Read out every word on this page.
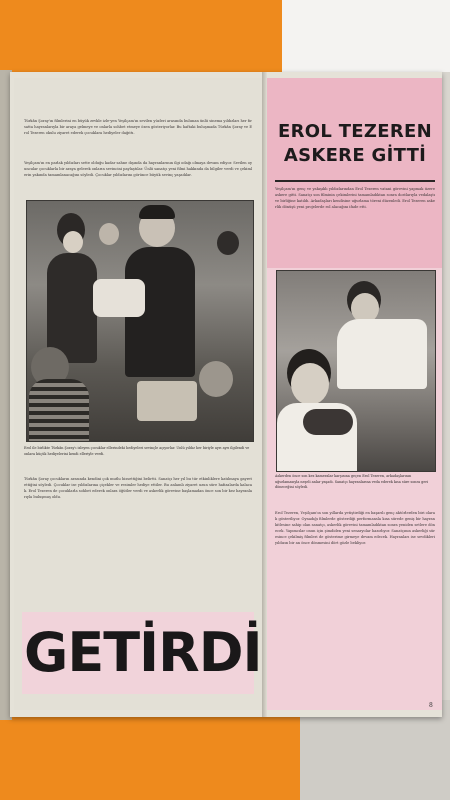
Türkân Şoray'ın filmlerini en büyük zevkle izle-yen Yeşilçam'ın sevilen yüzleri arasında bulunan ünlü sinema yıldızları her fırsatta hayranlarıyla bir araya gelmeye ve onlarla sohbet etmeye özen gösteriyorlar. Bu haftaki buluşmada Türkân Şoray ve Erol Tezeren okulu ziyaret ederek çocuklara hediyeler dağıttı.
Yeşilçam'ın en parlak yıldızları sette olduğu kadar sahne dışında da hayranlarının ilgi odağı olmaya devam ediyor. Sevilen oyuncular çocuklarla bir araya gelerek onların sevincini paylaştılar. Ünlü sanatçı yeni filmi hakkında da bilgiler verdi ve çekimlerin yakında tamamlanacağını söyledi. Çocuklar yıldızlarını görünce büyük sevinç yaşadılar.
Erol ile birlikte Türkân Şoray'ı izleyen çocuklar ellerindeki hediyeleri sevinçle açıyorlar. Ünlü yıldız her biriyle ayrı ayrı ilgilendi ve onlara küçük hediyelerini kendi elleriyle verdi.
Türkân Şoray çocukların arasında kendini çok mutlu hissettiğini belirtti. Sanatçı her yıl bu tür etkinliklere katılmaya gayret ettiğini söyledi. Çocuklar ise yıldızlarına çiçekler ve resimler hediye ettiler. Bu anlamlı ziyaret uzun süre hafızalarda kalacak. Erol Tezeren de çocuklarla sohbet ederek onlara öğütler verdi ve askerlik görevine başlamadan önce son bir kez hayranlarıyla buluşmuş oldu.
GETİRDİ
EROL TEZEREN
ASKERE GİTTİ
Yeşilçam'ın genç ve yakışıklı yıldızlarından Erol Tezeren vatani görevini yapmak üzere askere gitti. Sanatçı son filminin çekimlerini tamamladıktan sonra dostlarıyla vedalaştı ve birliğine katıldı. Arkadaşları kendisine uğurlama töreni düzenledi. Erol Tezeren askerlik dönüşü yeni projelerde rol alacağını ifade etti.
Askerden önce son kez kameralar karşısına geçen Erol Tezeren, arkadaşlarının uğurlamasıyla neşeli anlar yaşadı. Sanatçı hayranlarına veda ederek kısa süre sonra geri döneceğini söyledi.
Erol Tezeren, Yeşilçam'ın son yıllarda yetiştirdiği en başarılı genç aktörlerden biri olarak gösteriliyor. Oynadığı filmlerde gösterdiği performansla kısa sürede geniş bir hayran kitlesine sahip olan sanatçı, askerlik görevini tamamladıktan sonra yeniden setlere dönecek. Yapımcılar onun için şimdiden yeni senaryolar hazırlıyor. Sanatçının askerliği süresince çekilmiş filmleri de gösterime girmeye devam edecek. Hayranları ise sevdikleri yıldızın bir an önce dönmesini dört gözle bekliyor.
8
